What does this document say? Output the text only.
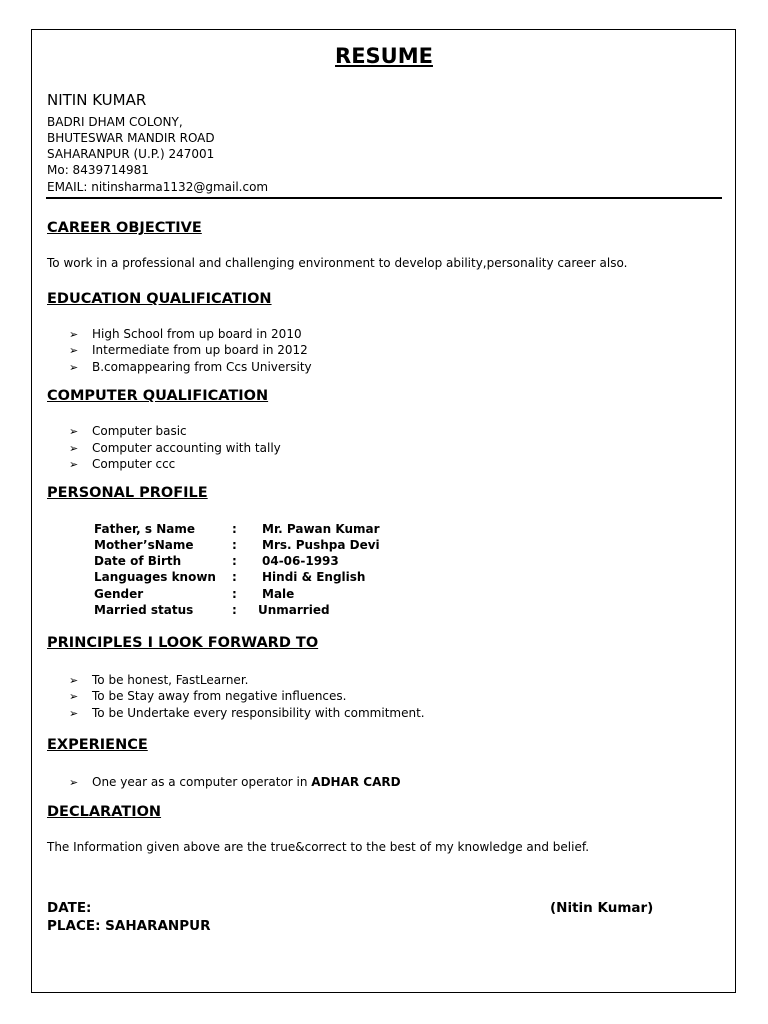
RESUME
NITIN KUMAR
BADRI DHAM COLONY,
BHUTESWAR MANDIR ROAD
SAHARANPUR (U.P.) 247001
Mo: 8439714981
EMAIL: nitinsharma1132@gmail.com
CAREER OBJECTIVE
To work in a professional and challenging environment to develop ability,personality career also.
EDUCATION QUALIFICATION
➢ High School from up board in 2010
➢ Intermediate from up board in 2012
➢ B.comappearing from Ccs University
COMPUTER QUALIFICATION
➢ Computer basic
➢ Computer accounting with tally
➢ Computer ccc
PERSONAL PROFILE
Father, s Name	: Mr. Pawan Kumar
Mother’sName	: Mrs. Pushpa Devi
Date of Birth	: 04-06-1993
Languages known : Hindi & English
Gender	: Male
Married status	: Unmarried
PRINCIPLES I LOOK FORWARD TO
➢ To be honest, FastLearner.
➢ To be Stay away from negative influences.
➢ To be Undertake every responsibility with commitment.
EXPERIENCE
➢ One year as a computer operator in ADHAR CARD
DECLARATION
The Information given above are the true&correct to the best of my knowledge and belief.
DATE:
PLACE: SAHARANPUR
(Nitin Kumar)
